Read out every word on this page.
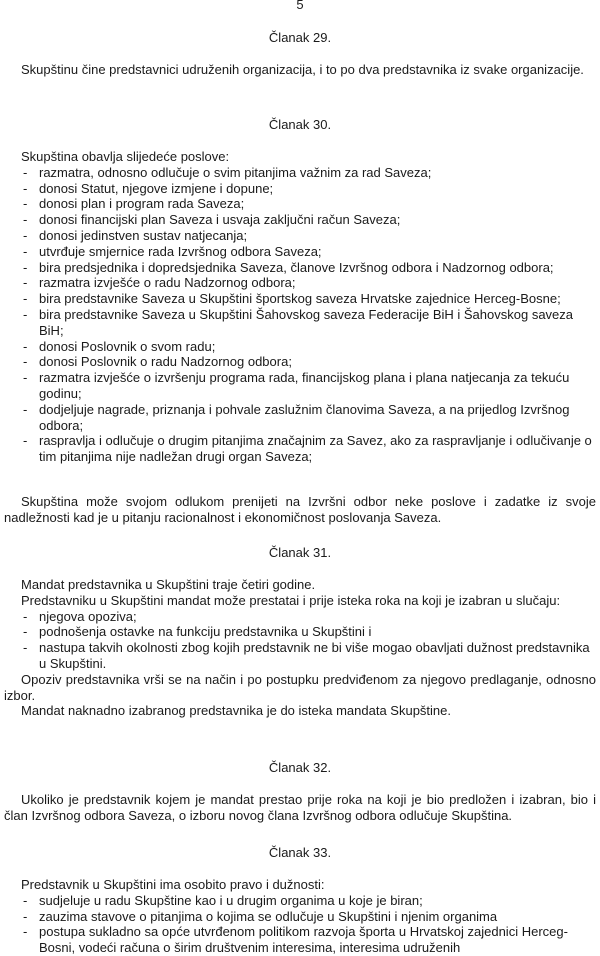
5
Članak 29.

Skupštinu čine predstavnici udruženih organizacija, i to po dva predstavnika iz svake organizacije.

Članak 30.

Skupština obavlja slijedeće poslove:

- razmatra, odnosno odlučuje o svim pitanjima važnim za rad Saveza;
- donosi Statut, njegove izmjene i dopune;
- donosi plan i program rada Saveza;
- donosi financijski plan Saveza i usvaja zaključni račun Saveza;
- donosi jedinstven sustav natjecanja;
- utvrđuje smjernice rada Izvršnog odbora Saveza;
- bira predsjednika i dopredsjednika Saveza, članove Izvršnog odbora i Nadzornog odbora;
- razmatra izvješće o radu Nadzornog odbora;
- bira predstavnike Saveza u Skupštini športskog saveza Hrvatske zajednice Herceg-Bosne;
- bira predstavnike Saveza u Skupštini Šahovskog saveza Federacije BiH i Šahovskog saveza BiH;
- donosi Poslovnik o svom radu;
- donosi Poslovnik o radu Nadzornog odbora;
- razmatra izvješće o izvršenju programa rada, financijskog plana i plana natjecanja za tekuću godinu;
- dodjeljuje nagrade, priznanja i pohvale zaslužnim članovima Saveza, a na prijedlog Izvršnog odbora;
- raspravlja i odlučuje o drugim pitanjima značajnim za Savez, ako za raspravljanje i odlučivanje o tim pitanjima nije nadležan drugi organ Saveza;

Skupština može svojom odlukom prenijeti na Izvršni odbor neke poslove i zadatke iz svoje nadležnosti kad je u pitanju racionalnost i ekonomičnost poslovanja Saveza.

Članak 31.

Mandat predstavnika u Skupštini traje četiri godine.

Predstavniku u Skupštini mandat može prestatai i prije isteka roka na koji je izabran u slučaju:

- njegova opoziva;
- podnošenja ostavke na funkciju predstavnika u Skupštini i
- nastupa takvih okolnosti zbog kojih predstavnik ne bi više mogao obavljati dužnost predstavnika u Skupštini.

Opoziv predstavnika vrši se na način i po postupku predviđenom za njegovo predlaganje, odnosno izbor.

Mandat naknadno izabranog predstavnika je do isteka mandata Skupštine.

Članak 32.

Ukoliko je predstavnik kojem je mandat prestao prije roka na koji je bio predložen i izabran, bio i član Izvršnog odbora Saveza, o izboru novog člana Izvršnog odbora odlučuje Skupština.

Članak 33.

Predstavnik u Skupštini ima osobito pravo i dužnosti:

- sudjeluje u radu Skupštine kao i u drugim organima u koje je biran;
- zauzima stavove o pitanjima o kojima se odlučuje u Skupštini i njenim organima
- postupa sukladno sa opće utvrđenom politikom razvoja športa u Hrvatskoj zajednici Herceg-Bosni, vodeći računa o širim društvenim interesima, interesima udruženih
